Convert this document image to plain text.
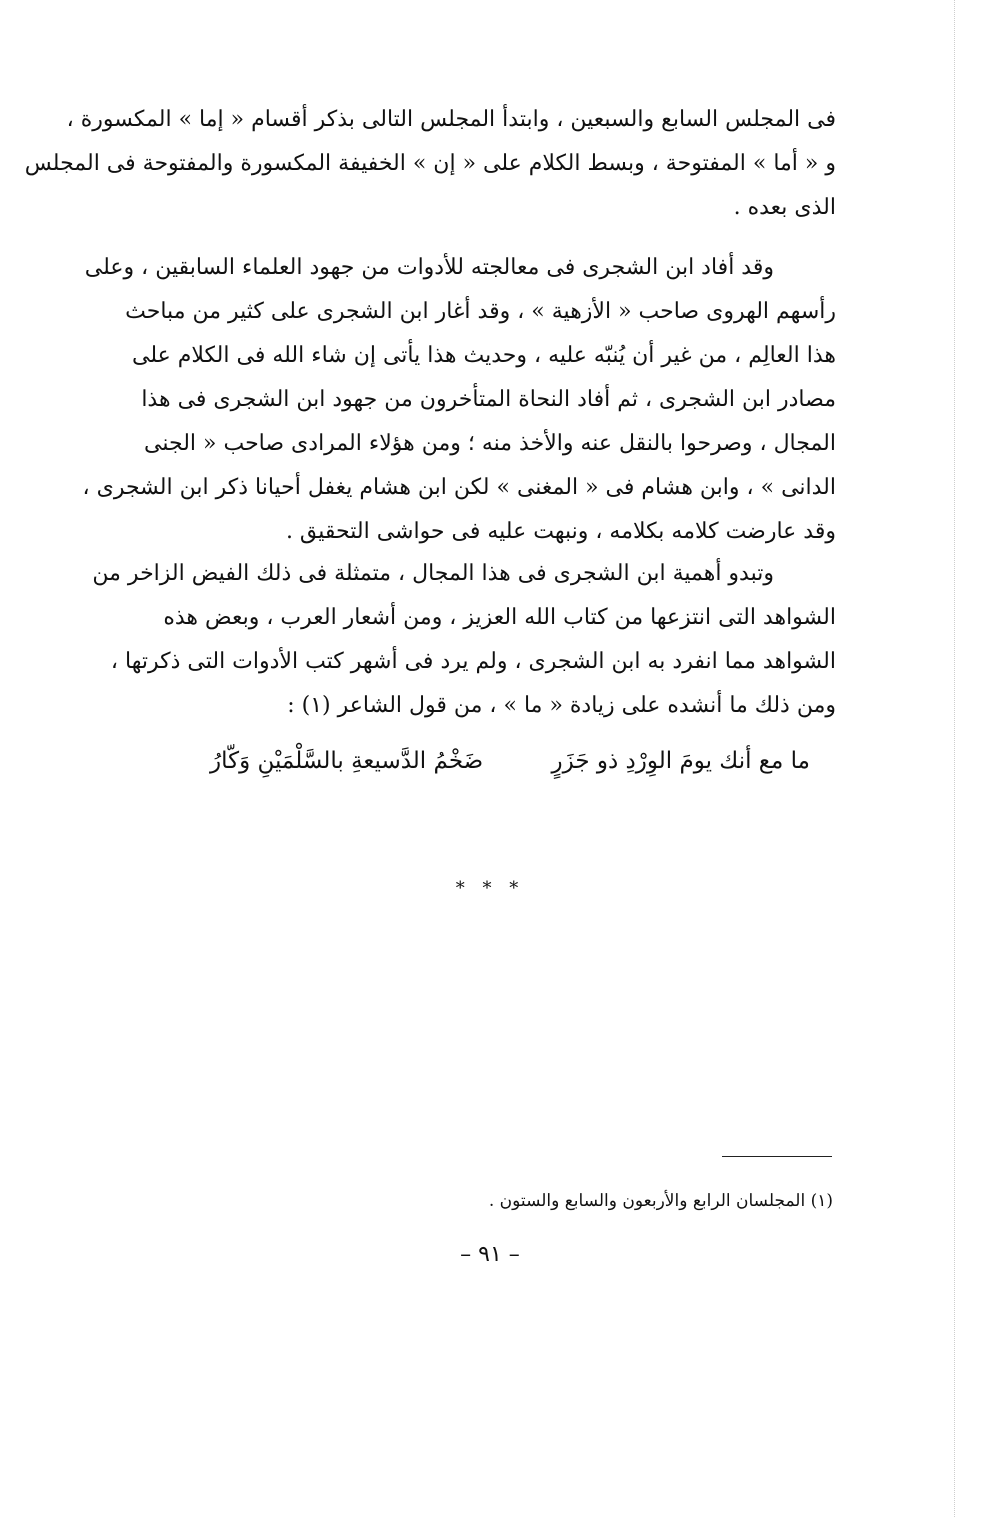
فى المجلس السابع والسبعين ، وابتدأ المجلس التالى بذكر أقسام « إما » المكسورة ،
و « أما » المفتوحة ، وبسط الكلام على « إن » الخفيفة المكسورة والمفتوحة فى المجلس
الذى بعده .
وقد أفاد ابن الشجرى فى معالجته للأدوات من جهود العلماء السابقين ، وعلى
رأسهم الهروى صاحب « الأزهية » ، وقد أغار ابن الشجرى على كثير من مباحث
هذا العالِم ، من غير أن يُنبّه عليه ، وحديث هذا يأتى إن شاء الله فى الكلام على
مصادر ابن الشجرى ، ثم أفاد النحاة المتأخرون من جهود ابن الشجرى فى هذا
المجال ، وصرحوا بالنقل عنه والأخذ منه ؛ ومن هؤلاء المرادى صاحب « الجنى
الدانى » ، وابن هشام فى « المغنى » لكن ابن هشام يغفل أحيانا ذكر ابن الشجرى ،
وقد عارضت كلامه بكلامه ، ونبهت عليه فى حواشى التحقيق .
وتبدو أهمية ابن الشجرى فى هذا المجال ، متمثلة فى ذلك الفيض الزاخر من
الشواهد التى انتزعها من كتاب الله العزيز ، ومن أشعار العرب ، وبعض هذه
الشواهد مما انفرد به ابن الشجرى ، ولم يرد فى أشهر كتب الأدوات التى ذكرتها ،
ومن ذلك ما أنشده على زيادة « ما » ، من قول الشاعر (١) :
ما مع أنك يومَ الوِرْدِ ذو جَزَرٍ
ضَخْمُ الدَّسيعةِ بالسَّلْمَيْنِ وَكّارُ
* * *
(١) المجلسان الرابع والأربعون والسابع والستون .
– ٩١ –
